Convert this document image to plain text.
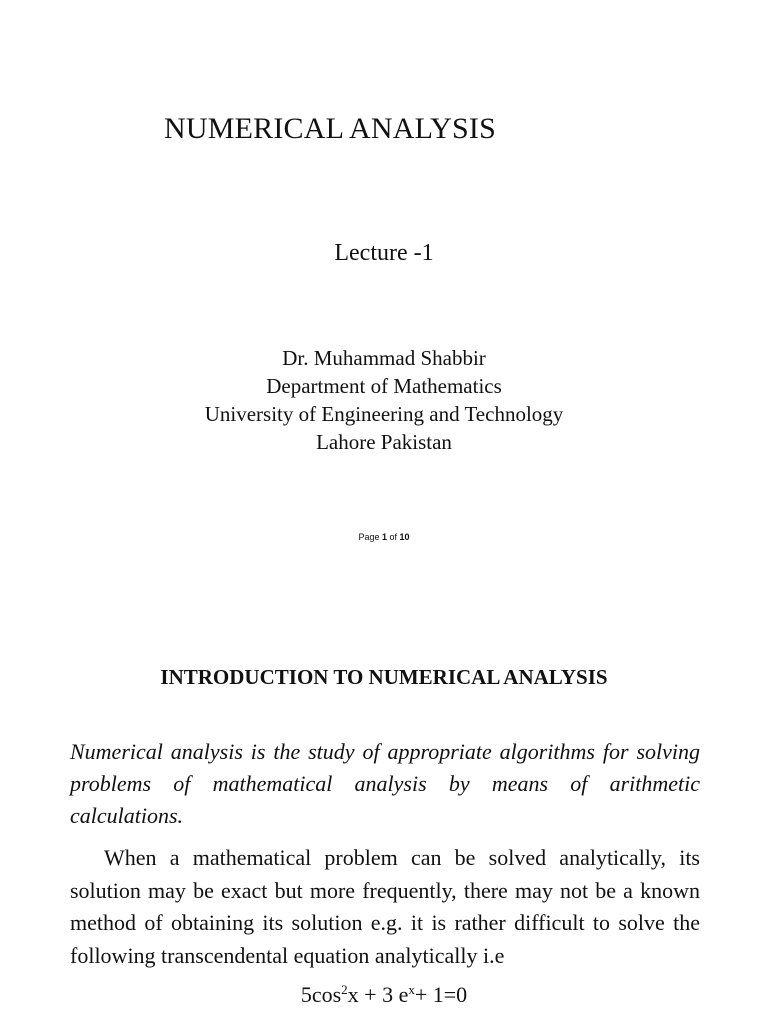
NUMERICAL ANALYSIS
Lecture -1
Dr. Muhammad Shabbir
Department of Mathematics
University of Engineering and Technology
Lahore Pakistan
Page 1 of 10
INTRODUCTION TO NUMERICAL ANALYSIS
Numerical analysis is the study of appropriate algorithms for solving problems of mathematical analysis by means of arithmetic calculations.
When a mathematical problem can be solved analytically, its solution may be exact but more frequently, there may not be a known method of obtaining its solution e.g. it is rather difficult to solve the following transcendental equation analytically i.e
$5\cos^2x + 3$ $e^x+ 1=0$
